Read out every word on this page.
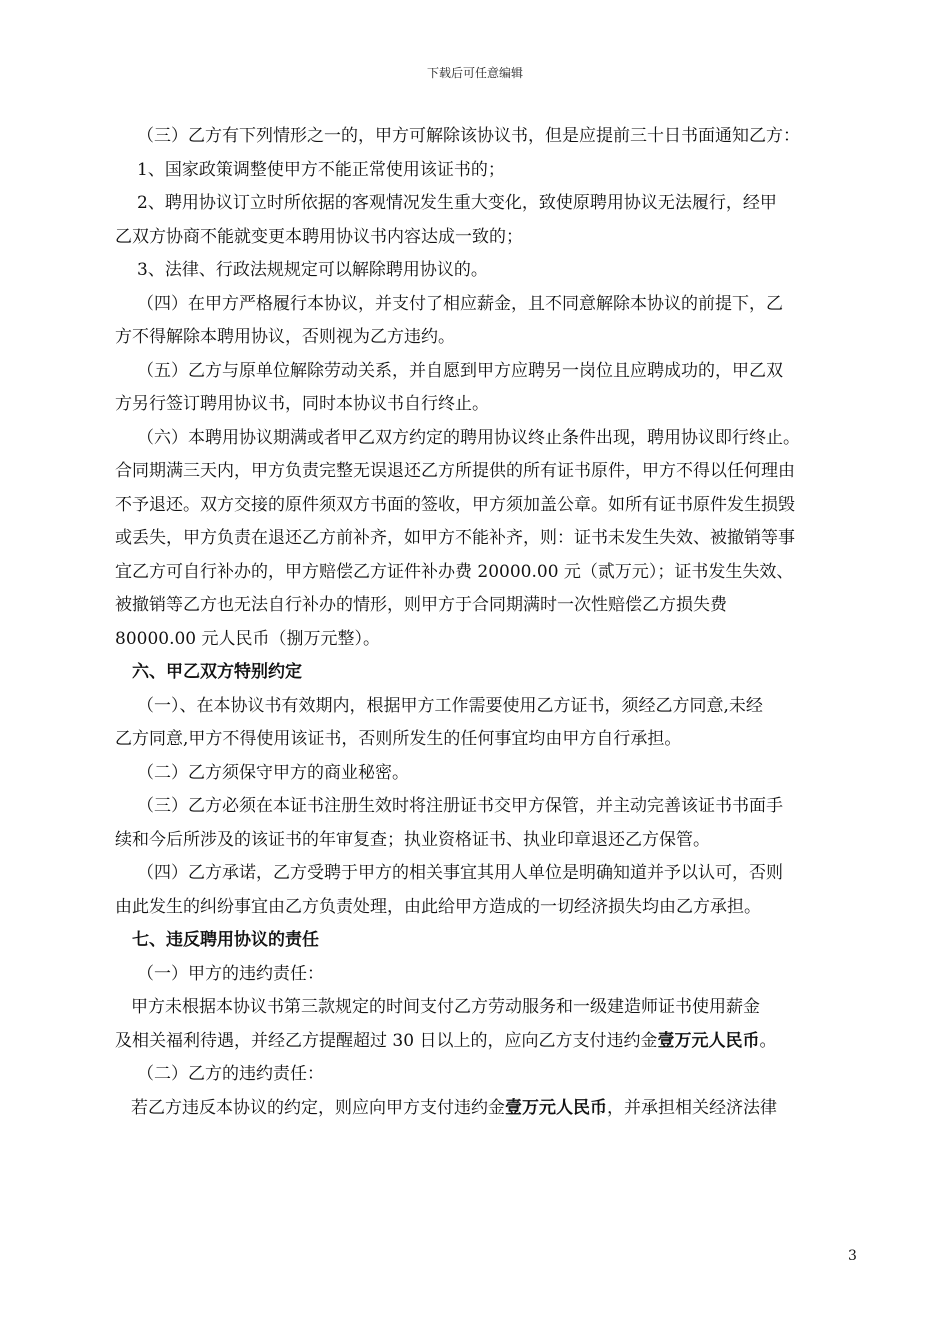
下载后可任意编辑

（三）乙方有下列情形之一的，甲方可解除该协议书，但是应提前三十日书面通知乙方：

1、国家政策调整使甲方不能正常使用该证书的；

2、聘用协议订立时所依据的客观情况发生重大变化，致使原聘用协议无法履行，经甲

乙双方协商不能就变更本聘用协议书内容达成一致的；

3、法律、行政法规规定可以解除聘用协议的。

（四）在甲方严格履行本协议，并支付了相应薪金，且不同意解除本协议的前提下，乙

方不得解除本聘用协议，否则视为乙方违约。

（五）乙方与原单位解除劳动关系，并自愿到甲方应聘另一岗位且应聘成功的，甲乙双

方另行签订聘用协议书，同时本协议书自行终止。

（六）本聘用协议期满或者甲乙双方约定的聘用协议终止条件出现，聘用协议即行终止。

合同期满三天内，甲方负责完整无误退还乙方所提供的所有证书原件，甲方不得以任何理由

不予退还。双方交接的原件须双方书面的签收，甲方须加盖公章。如所有证书原件发生损毁

或丢失，甲方负责在退还乙方前补齐，如甲方不能补齐，则：证书未发生失效、被撤销等事

宜乙方可自行补办的，甲方赔偿乙方证件补办费 20000.00 元（贰万元）；证书发生失效、

被撤销等乙方也无法自行补办的情形，则甲方于合同期满时一次性赔偿乙方损失费

80000.00 元人民币（捌万元整）。

六、甲乙双方特别约定

（一）、在本协议书有效期内，根据甲方工作需要使用乙方证书，须经乙方同意,未经

乙方同意,甲方不得使用该证书，否则所发生的任何事宜均由甲方自行承担。

（二）乙方须保守甲方的商业秘密。

（三）乙方必须在本证书注册生效时将注册证书交甲方保管，并主动完善该证书书面手

续和今后所涉及的该证书的年审复查；执业资格证书、执业印章退还乙方保管。

（四）乙方承诺，乙方受聘于甲方的相关事宜其用人单位是明确知道并予以认可，否则

由此发生的纠纷事宜由乙方负责处理，由此给甲方造成的一切经济损失均由乙方承担。

七、违反聘用协议的责任

（一）甲方的违约责任：

甲方未根据本协议书第三款规定的时间支付乙方劳动服务和一级建造师证书使用薪金

及相关福利待遇，并经乙方提醒超过 30 日以上的，应向乙方支付违约金壹万元人民币。

（二）乙方的违约责任：

若乙方违反本协议的约定，则应向甲方支付违约金壹万元人民币，并承担相关经济法律

3
